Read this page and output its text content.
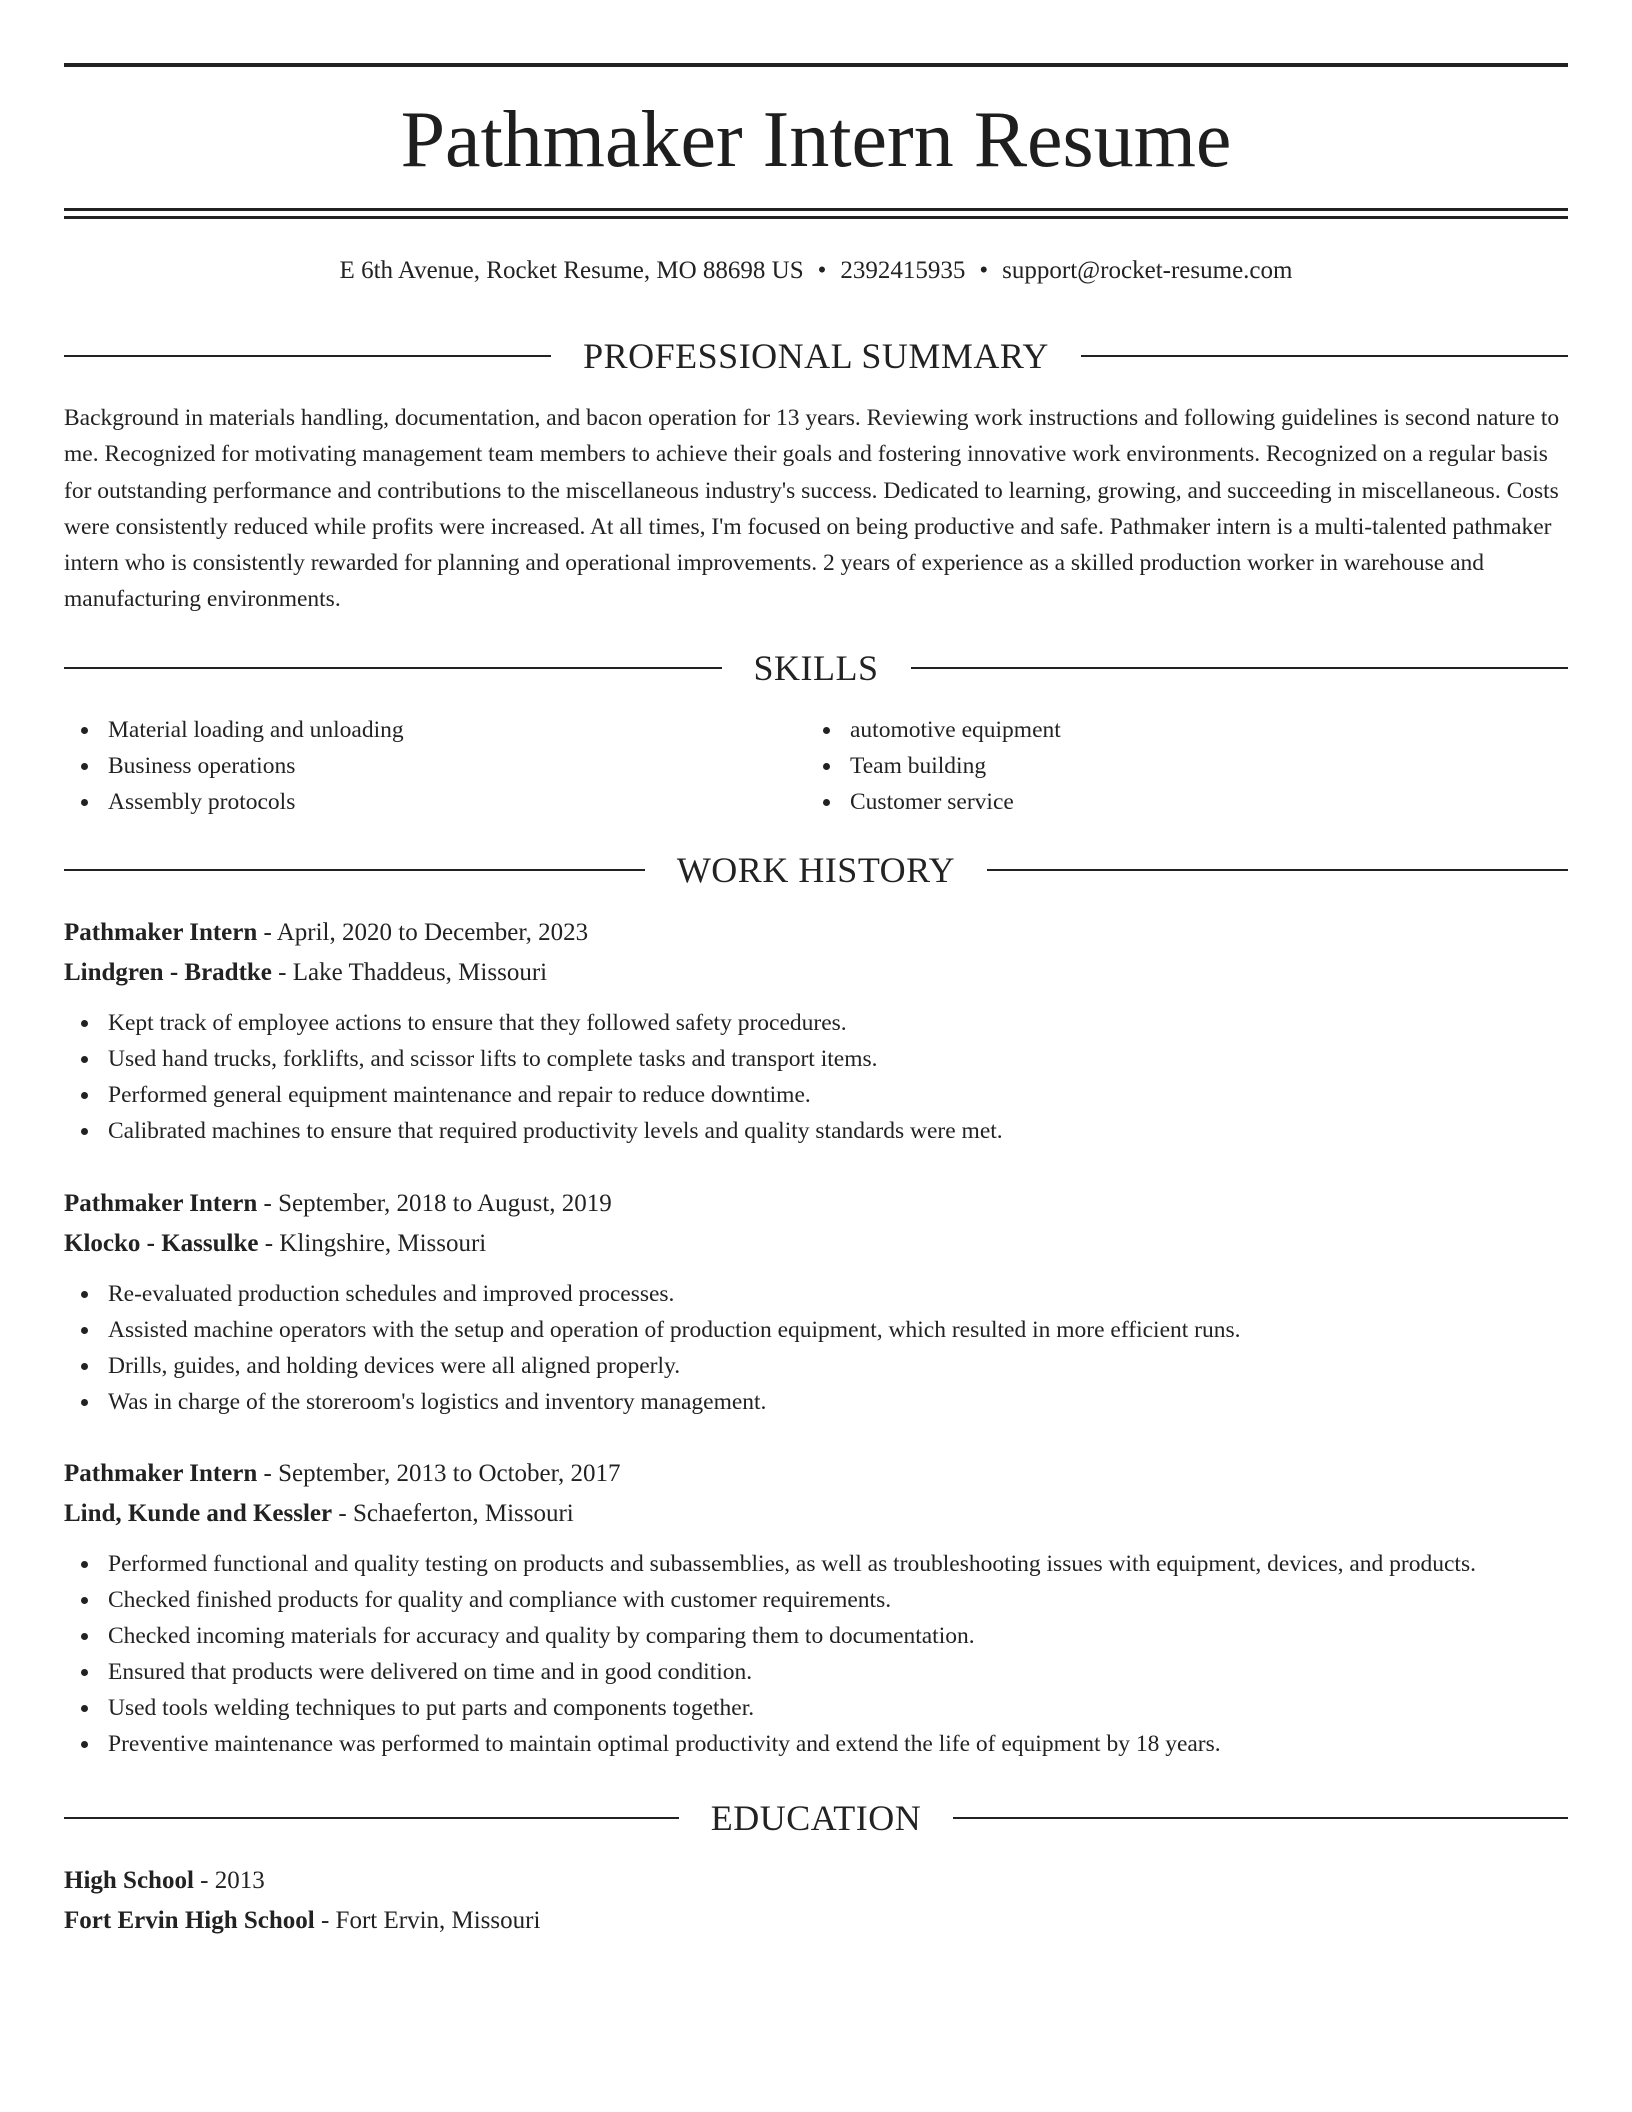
Pathmaker Intern Resume
E 6th Avenue, Rocket Resume, MO 88698 US • 2392415935 • support@rocket-resume.com
PROFESSIONAL SUMMARY

Background in materials handling, documentation, and bacon operation for 13 years. Reviewing work instructions and following guidelines is second nature to me. Recognized for motivating management team members to achieve their goals and fostering innovative work environments. Recognized on a regular basis for outstanding performance and contributions to the miscellaneous industry's success. Dedicated to learning, growing, and succeeding in miscellaneous. Costs were consistently reduced while profits were increased. At all times, I'm focused on being productive and safe. Pathmaker intern is a multi-talented pathmaker intern who is consistently rewarded for planning and operational improvements. 2 years of experience as a skilled production worker in warehouse and manufacturing environments.

SKILLS
Material loading and unloading
Business operations
Assembly protocols
automotive equipment
Team building
Customer service
WORK HISTORY
Pathmaker Intern - April, 2020 to December, 2023
Lindgren - Bradtke - Lake Thaddeus, Missouri
Kept track of employee actions to ensure that they followed safety procedures.
Used hand trucks, forklifts, and scissor lifts to complete tasks and transport items.
Performed general equipment maintenance and repair to reduce downtime.
Calibrated machines to ensure that required productivity levels and quality standards were met.
Pathmaker Intern - September, 2018 to August, 2019
Klocko - Kassulke - Klingshire, Missouri
Re-evaluated production schedules and improved processes.
Assisted machine operators with the setup and operation of production equipment, which resulted in more efficient runs.
Drills, guides, and holding devices were all aligned properly.
Was in charge of the storeroom's logistics and inventory management.
Pathmaker Intern - September, 2013 to October, 2017
Lind, Kunde and Kessler - Schaeferton, Missouri
Performed functional and quality testing on products and subassemblies, as well as troubleshooting issues with equipment, devices, and products.
Checked finished products for quality and compliance with customer requirements.
Checked incoming materials for accuracy and quality by comparing them to documentation.
Ensured that products were delivered on time and in good condition.
Used tools welding techniques to put parts and components together.
Preventive maintenance was performed to maintain optimal productivity and extend the life of equipment by 18 years.
EDUCATION
High School - 2013
Fort Ervin High School - Fort Ervin, Missouri
